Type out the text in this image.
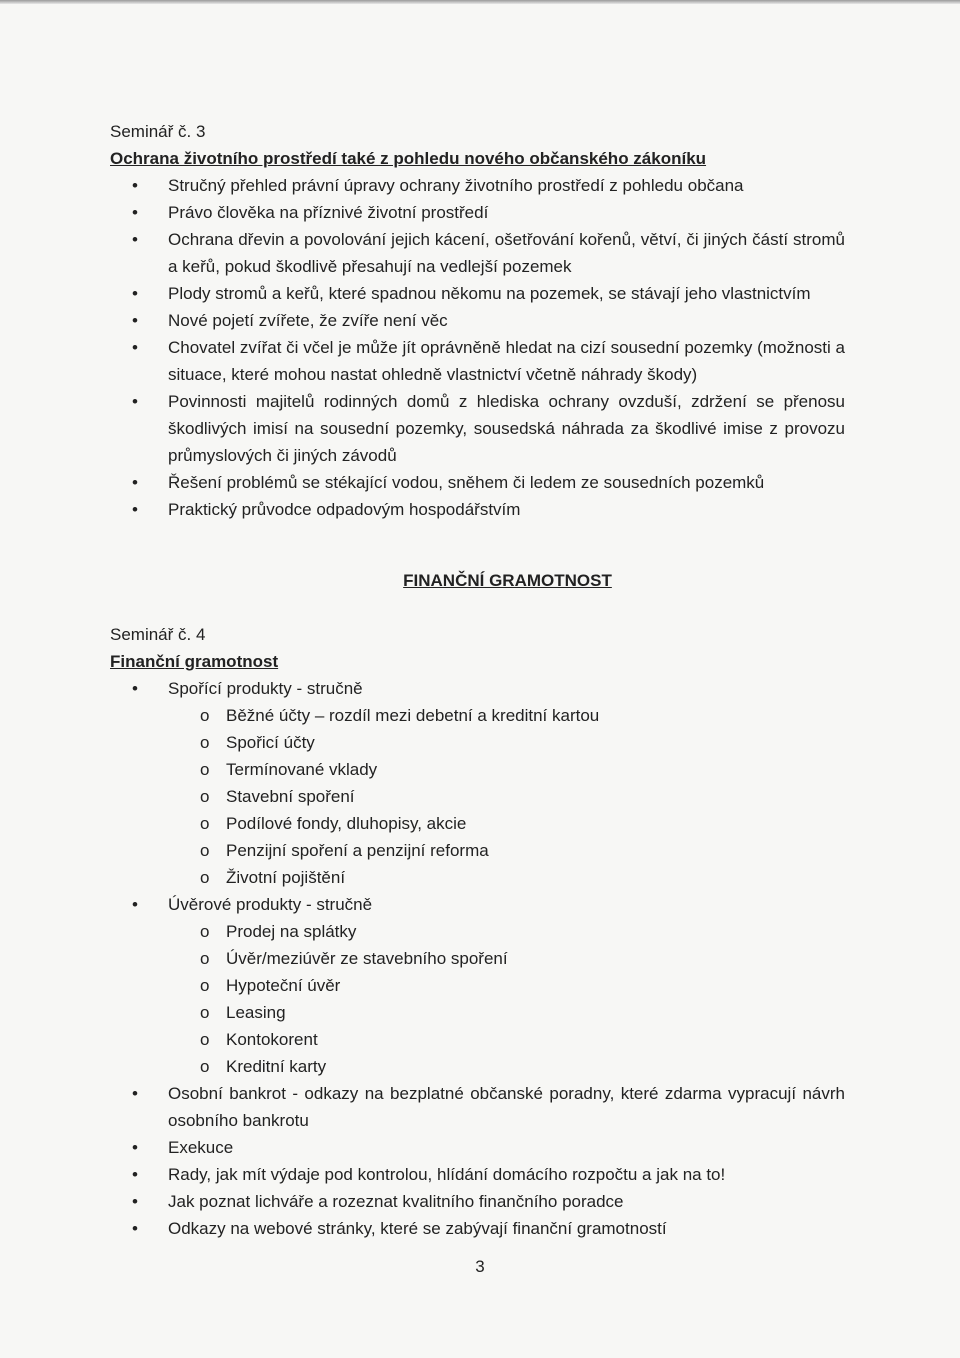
Seminář č. 3

Ochrana životního prostředí také z pohledu nového občanského zákoníku

• Stručný přehled právní úpravy ochrany životního prostředí z pohledu občana
• Právo člověka na příznivé životní prostředí
• Ochrana dřevin a povolování jejich kácení, ošetřování kořenů, větví, či jiných částí stromů a keřů, pokud škodlivě přesahují na vedlejší pozemek
• Plody stromů a keřů, které spadnou někomu na pozemek, se stávají jeho vlastnictvím
• Nové pojetí zvířete, že zvíře není věc
• Chovatel zvířat či včel je může jít oprávněně hledat na cizí sousední pozemky (možnosti a situace, které mohou nastat ohledně vlastnictví včetně náhrady škody)
• Povinnosti majitelů rodinných domů z hlediska ochrany ovzduší, zdržení se přenosu škodlivých imisí na sousední pozemky, sousedská náhrada za škodlivé imise z provozu průmyslových či jiných závodů
• Řešení problémů se stékající vodou, sněhem či ledem ze sousedních pozemků
• Praktický průvodce odpadovým hospodářstvím

FINANČNÍ GRAMOTNOST

Seminář č. 4

Finanční gramotnost

• Spořící produkty - stručně
o Běžné účty – rozdíl mezi debetní a kreditní kartou
o Spořicí účty
o Termínované vklady
o Stavební spoření
o Podílové fondy, dluhopisy, akcie
o Penzijní spoření a penzijní reforma
o Životní pojištění
• Úvěrové produkty - stručně
o Prodej na splátky
o Úvěr/meziúvěr ze stavebního spoření
o Hypoteční úvěr
o Leasing
o Kontokorent
o Kreditní karty
• Osobní bankrot - odkazy na bezplatné občanské poradny, které zdarma vypracují návrh osobního bankrotu
• Exekuce
• Rady, jak mít výdaje pod kontrolou, hlídání domácího rozpočtu a jak na to!
• Jak poznat lichváře a rozeznat kvalitního finančního poradce
• Odkazy na webové stránky, které se zabývají finanční gramotností
3
